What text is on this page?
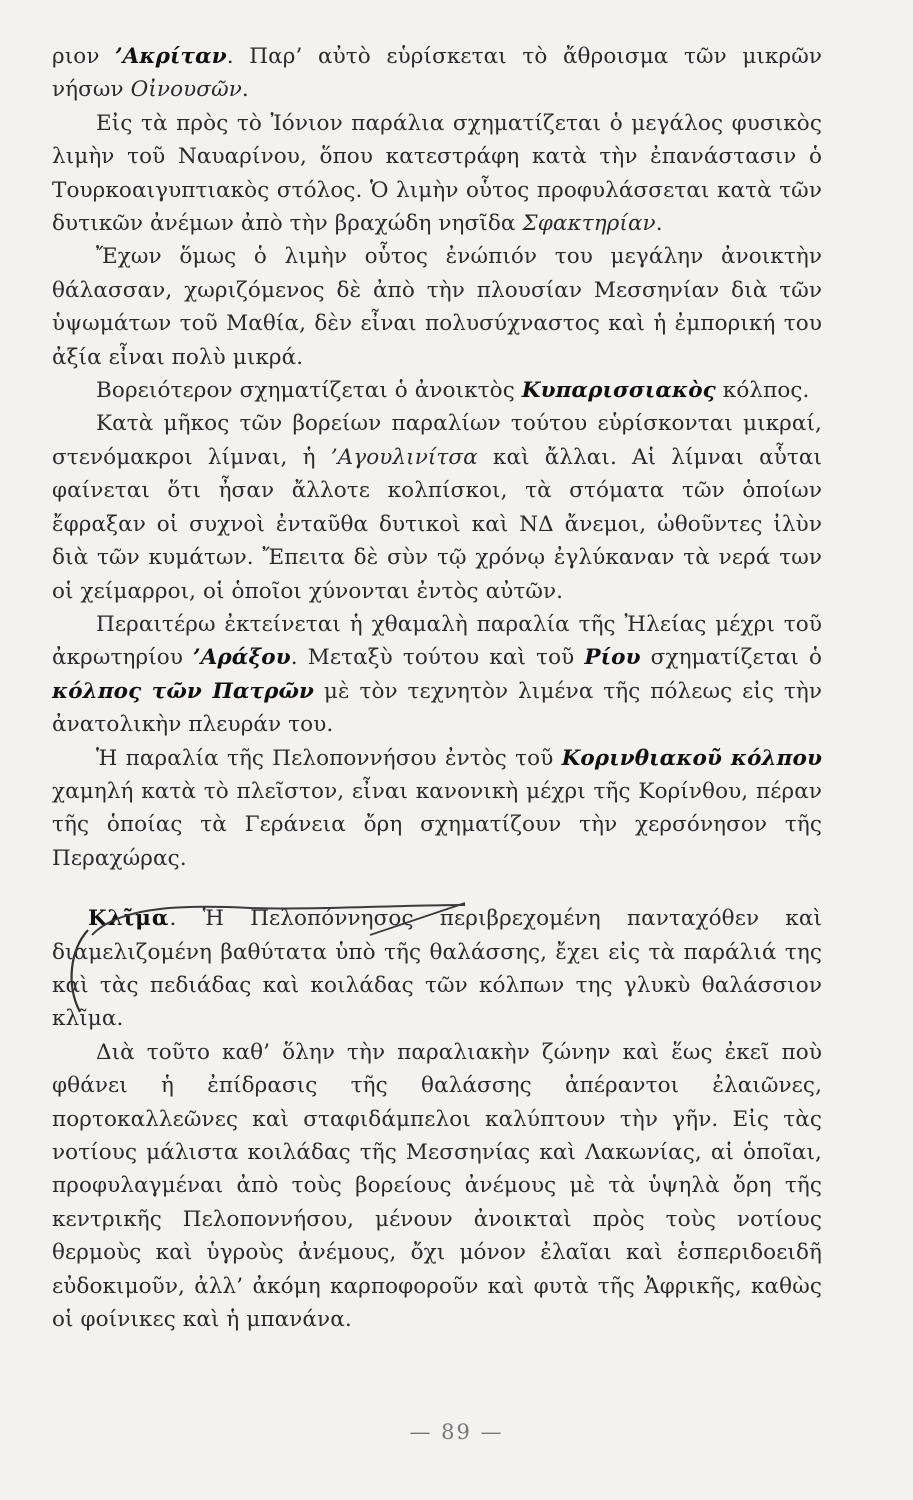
ριον ’Ακρίταν. Παρ’ αὐτὸ εὑρίσκεται τὸ ἄθροισμα τῶν μικρῶν νήσων Οἰνουσῶν.

Εἰς τὰ πρὸς τὸ Ἰόνιον παράλια σχηματίζεται ὁ μεγάλος φυσικὸς λιμὴν τοῦ Ναυαρίνου, ὅπου κατεστράφη κατὰ τὴν ἐπανάστασιν ὁ Τουρκοαιγυπτιακὸς στόλος. Ὁ λιμὴν οὗτος προφυλάσσεται κατὰ τῶν δυτικῶν ἀνέμων ἀπὸ τὴν βραχώδη νησῖδα Σφακτηρίαν.

Ἔχων ὅμως ὁ λιμὴν οὗτος ἐνώπιόν του μεγάλην ἀνοικτὴν θάλασσαν, χωριζόμενος δὲ ἀπὸ τὴν πλουσίαν Μεσσηνίαν διὰ τῶν ὑψωμάτων τοῦ Μαθία, δὲν εἶναι πολυσύχναστος καὶ ἡ ἐμπορική του ἀξία εἶναι πολὺ μικρά.

Βορειότερον σχηματίζεται ὁ ἀνοικτὸς Κυπαρισσιακὸς κόλπος.

Κατὰ μῆκος τῶν βορείων παραλίων τούτου εὑρίσκονται μικραί, στενόμακροι λίμναι, ἡ ’Αγουλινίτσα καὶ ἄλλαι. Αἱ λίμναι αὗται φαίνεται ὅτι ἦσαν ἄλλοτε κολπίσκοι, τὰ στόματα τῶν ὁποίων ἔφραξαν οἱ συχνοὶ ἐνταῦθα δυτικοὶ καὶ ΝΔ ἄνεμοι, ὠθοῦντες ἰλὺν διὰ τῶν κυμάτων. Ἔπειτα δὲ σὺν τῷ χρόνῳ ἐγλύκαναν τὰ νερά των οἱ χείμαρροι, οἱ ὁποῖοι χύνονται ἐντὸς αὐτῶν.

Περαιτέρω ἐκτείνεται ἡ χθαμαλὴ παραλία τῆς Ἠλείας μέχρι τοῦ ἀκρωτηρίου ’Αράξου. Μεταξὺ τούτου καὶ τοῦ Ρίου σχηματίζεται ὁ κόλπος τῶν Πατρῶν μὲ τὸν τεχνητὸν λιμένα τῆς πόλεως εἰς τὴν ἀνατολικὴν πλευράν του.

Ἡ παραλία τῆς Πελοποννήσου ἐντὸς τοῦ Κορινθιακοῦ κόλπου χαμηλή κατὰ τὸ πλεῖστον, εἶναι κανονικὴ μέχρι τῆς Κορίνθου, πέραν τῆς ὁποίας τὰ Γεράνεια ὄρη σχηματίζουν τὴν χερσόνησον τῆς Περαχώρας.

Κλῖμα. Ἡ Πελοπόννησος περιβρεχομένη πανταχόθεν καὶ διαμελιζομένη βαθύτατα ὑπὸ τῆς θαλάσσης, ἔχει εἰς τὰ παράλιά της καὶ τὰς πεδιάδας καὶ κοιλάδας τῶν κόλπων της γλυκὺ θαλάσσιον κλῖμα.

Διὰ τοῦτο καθ’ ὅλην τὴν παραλιακὴν ζώνην καὶ ἕως ἐκεῖ ποὺ φθάνει ἡ ἐπίδρασις τῆς θαλάσσης ἀπέραντοι ἐλαιῶνες, πορτοκαλλεῶνες καὶ σταφιδάμπελοι καλύπτουν τὴν γῆν. Εἰς τὰς νοτίους μάλιστα κοιλάδας τῆς Μεσσηνίας καὶ Λακωνίας, αἱ ὁποῖαι, προφυλαγμέναι ἀπὸ τοὺς βορείους ἀνέμους μὲ τὰ ὑψηλὰ ὄρη τῆς κεντρικῆς Πελοποννήσου, μένουν ἀνοικταὶ πρὸς τοὺς νοτίους θερμοὺς καὶ ὑγροὺς ἀνέμους, ὄχι μόνον ἐλαῖαι καὶ ἑσπεριδοειδῆ εὐδοκιμοῦν, ἀλλ’ ἀκόμη καρποφοροῦν καὶ φυτὰ τῆς Ἀφρικῆς, καθὼς οἱ φοίνικες καὶ ἡ μπανάνα.

— 89 —
